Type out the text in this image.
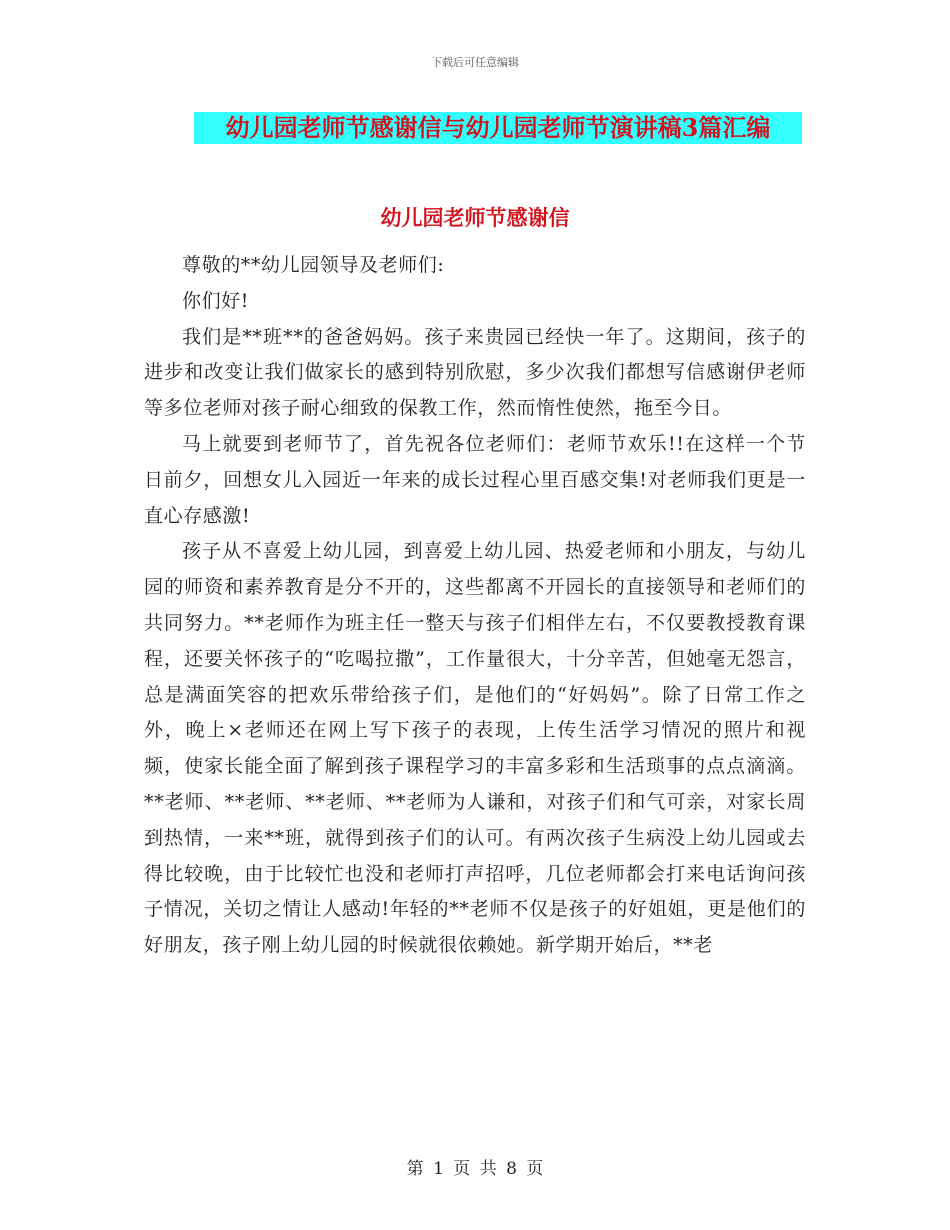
下载后可任意编辑
幼儿园老师节感谢信与幼儿园老师节演讲稿3篇汇编
幼儿园老师节感谢信

尊敬的**幼儿园领导及老师们:

你们好!

我们是**班**的爸爸妈妈。孩子来贵园已经快一年了。这期间，孩子的进步和改变让我们做家长的感到特别欣慰，多少次我们都想写信感谢伊老师等多位老师对孩子耐心细致的保教工作，然而惰性使然，拖至今日。

马上就要到老师节了，首先祝各位老师们：老师节欢乐!!在这样一个节日前夕，回想女儿入园近一年来的成长过程心里百感交集!对老师我们更是一直心存感激!

孩子从不喜爱上幼儿园，到喜爱上幼儿园、热爱老师和小朋友，与幼儿园的师资和素养教育是分不开的，这些都离不开园长的直接领导和老师们的共同努力。**老师作为班主任一整天与孩子们相伴左右，不仅要教授教育课程，还要关怀孩子的“吃喝拉撒”，工作量很大，十分辛苦，但她毫无怨言，总是满面笑容的把欢乐带给孩子们，是他们的“好妈妈”。除了日常工作之外，晚上×老师还在网上写下孩子的表现，上传生活学习情况的照片和视频，使家长能全面了解到孩子课程学习的丰富多彩和生活琐事的点点滴滴。**老师、**老师、**老师、**老师为人谦和，对孩子们和气可亲，对家长周到热情，一来**班，就得到孩子们的认可。有两次孩子生病没上幼儿园或去得比较晚，由于比较忙也没和老师打声招呼，几位老师都会打来电话询问孩子情况，关切之情让人感动!年轻的**老师不仅是孩子的好姐姐，更是他们的好朋友，孩子刚上幼儿园的时候就很依赖她。新学期开始后，**老

第 1 页 共 8 页
